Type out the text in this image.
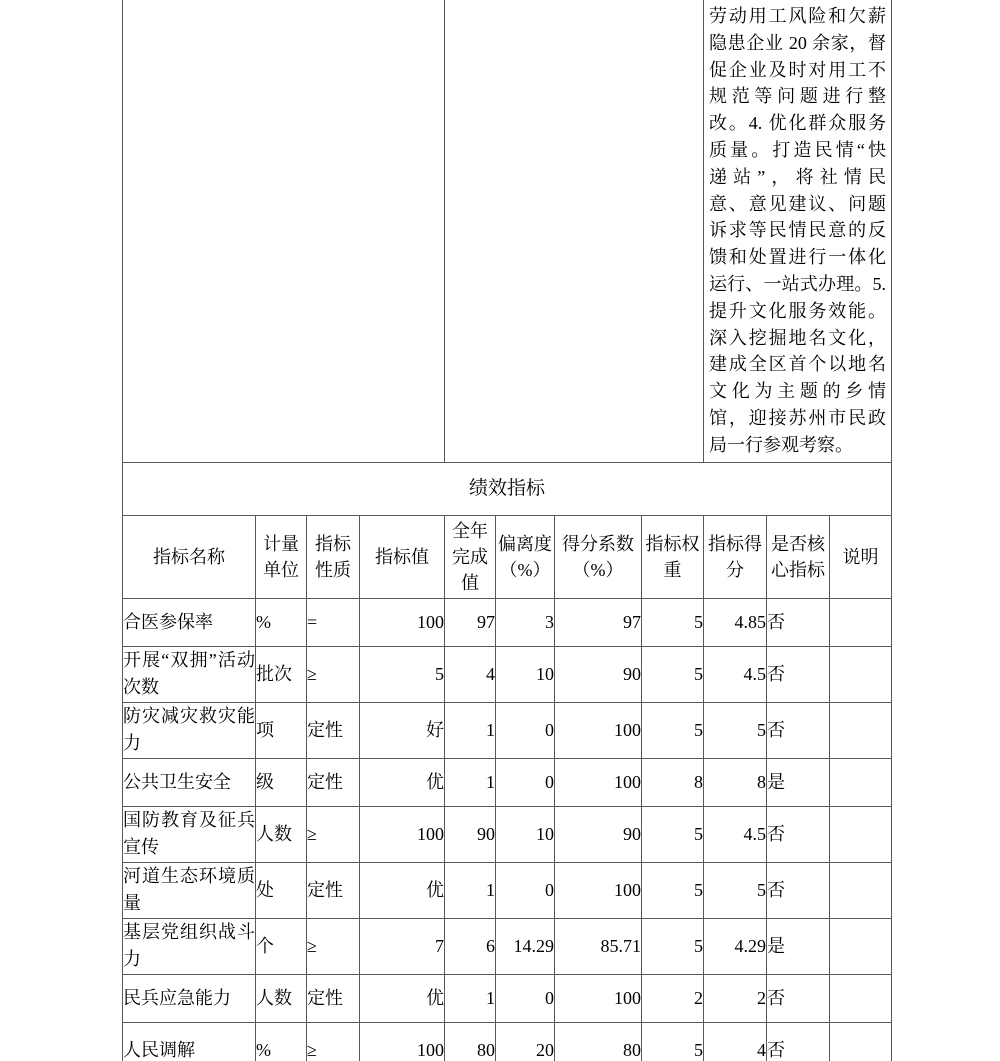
劳动用工风险和欠薪
隐患企业 20 余家，督
促企业及时对用工不
规范等问题进行整
改。4. 优化群众服务
质量。打造民情“快
递站”，将社情民
意、意见建议、问题
诉求等民情民意的反
馈和处置进行一体化
运行、一站式办理。5.
提升文化服务效能。
深入挖掘地名文化，
建成全区首个以地名
文化为主题的乡情
馆，迎接苏州市民政
局一行参观考察。

绩效指标										
指标名称	计量单位	指标性质	指标值	全年完成值	偏离度（%）	得分系数（%）	指标权重	指标得分	是否核心指标	说明
合医参保率	%	=	100	97	3	97	5	4.85	否	
开展“双拥”活动次数	批次	≥	5	4	10	90	5	4.5	否	
防灾减灾救灾能力	项	定性	好	1	0	100	5	5	否	
公共卫生安全	级	定性	优	1	0	100	8	8	是	
国防教育及征兵宣传	人数	≥	100	90	10	90	5	4.5	否	
河道生态环境质量	处	定性	优	1	0	100	5	5	否	
基层党组织战斗力	个	≥	7	6	14.29	85.71	5	4.29	是	
民兵应急能力	人数	定性	优	1	0	100	2	2	否	
人民调解	%	≥	100	80	20	80	5	4	否	
